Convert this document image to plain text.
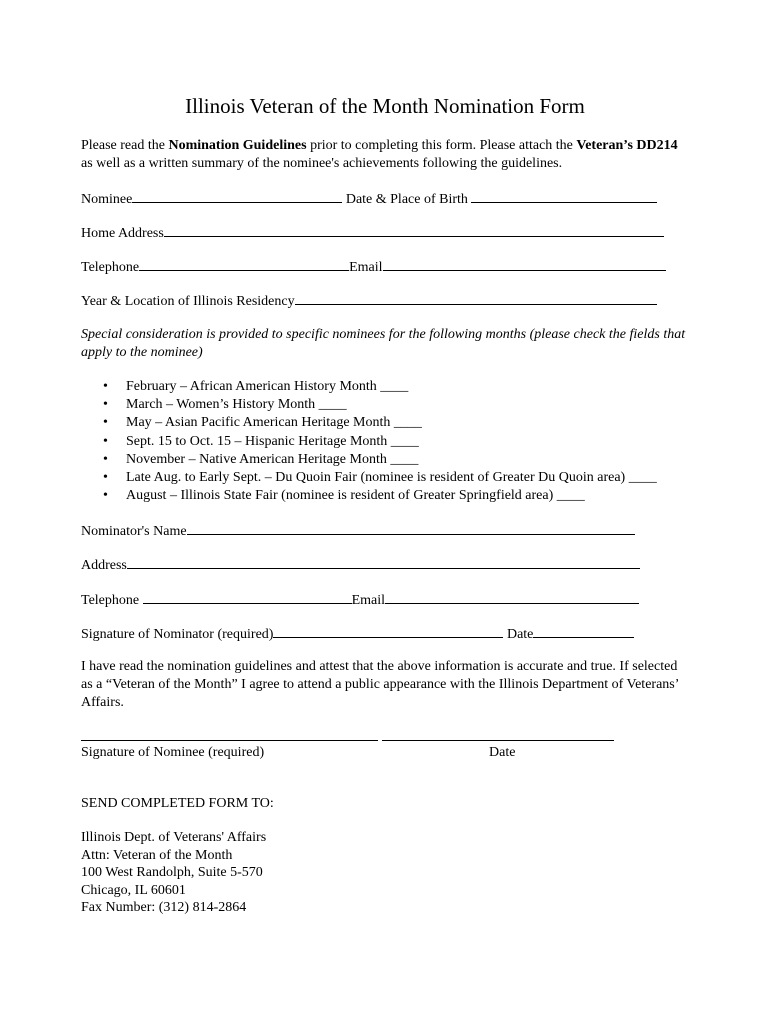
Illinois Veteran of the Month Nomination Form
Please read the Nomination Guidelines prior to completing this form. Please attach the Veteran’s DD214 as well as a written summary of the nominee's achievements following the guidelines.
Nominee	Date & Place of Birth
Home Address
Telephone	Email
Year & Location of Illinois Residency
Special consideration is provided to specific nominees for the following months (please check the fields that apply to the nominee)
• February – African American History Month ____
• March – Women’s History Month ____
• May – Asian Pacific American Heritage Month ____
• Sept. 15 to Oct. 15 – Hispanic Heritage Month ____
• November – Native American Heritage Month ____
• Late Aug. to Early Sept. – Du Quoin Fair (nominee is resident of Greater Du Quoin area) ____
• August – Illinois State Fair (nominee is resident of Greater Springfield area) ____
Nominator's Name
Address
Telephone	Email
Signature of Nominator (required)	Date
I have read the nomination guidelines and attest that the above information is accurate and true. If selected as a “Veteran of the Month” I agree to attend a public appearance with the Illinois Department of Veterans’ Affairs.
Signature of Nominee (required)	Date
SEND COMPLETED FORM TO:
Illinois Dept. of Veterans' Affairs
Attn: Veteran of the Month
100 West Randolph, Suite 5-570
Chicago, IL 60601
Fax Number: (312) 814-2864
